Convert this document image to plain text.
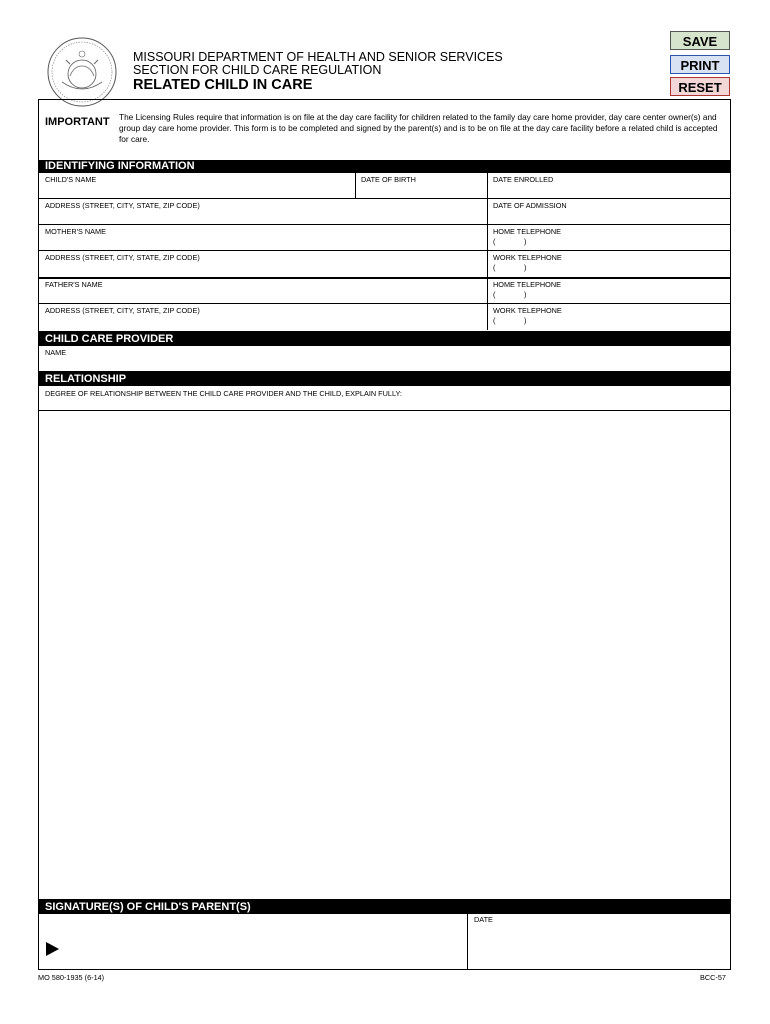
MISSOURI DEPARTMENT OF HEALTH AND SENIOR SERVICES
SECTION FOR CHILD CARE REGULATION
RELATED CHILD IN CARE
SAVE
PRINT
RESET
IMPORTANT The Licensing Rules require that information is on file at the day care facility for children related to the family day care home provider, day care center owner(s) and group day care home provider. This form is to be completed and signed by the parent(s) and is to be on file at the day care facility before a related child is accepted for care.
IDENTIFYING INFORMATION
CHILD'S NAME	DATE OF BIRTH	DATE ENROLLED
ADDRESS (STREET, CITY, STATE, ZIP CODE)	DATE OF ADMISSION
MOTHER'S NAME	HOME TELEPHONE
(	)
ADDRESS (STREET, CITY, STATE, ZIP CODE)	WORK TELEPHONE
(	)
FATHER'S NAME	HOME TELEPHONE
(	)
ADDRESS (STREET, CITY, STATE, ZIP CODE)	WORK TELEPHONE
(	)
CHILD CARE PROVIDER
NAME
RELATIONSHIP
DEGREE OF RELATIONSHIP BETWEEN THE CHILD CARE PROVIDER AND THE CHILD, EXPLAIN FULLY:
SIGNATURE(S) OF CHILD'S PARENT(S)
DATE
MO 580-1935 (6-14)	BCC-57
